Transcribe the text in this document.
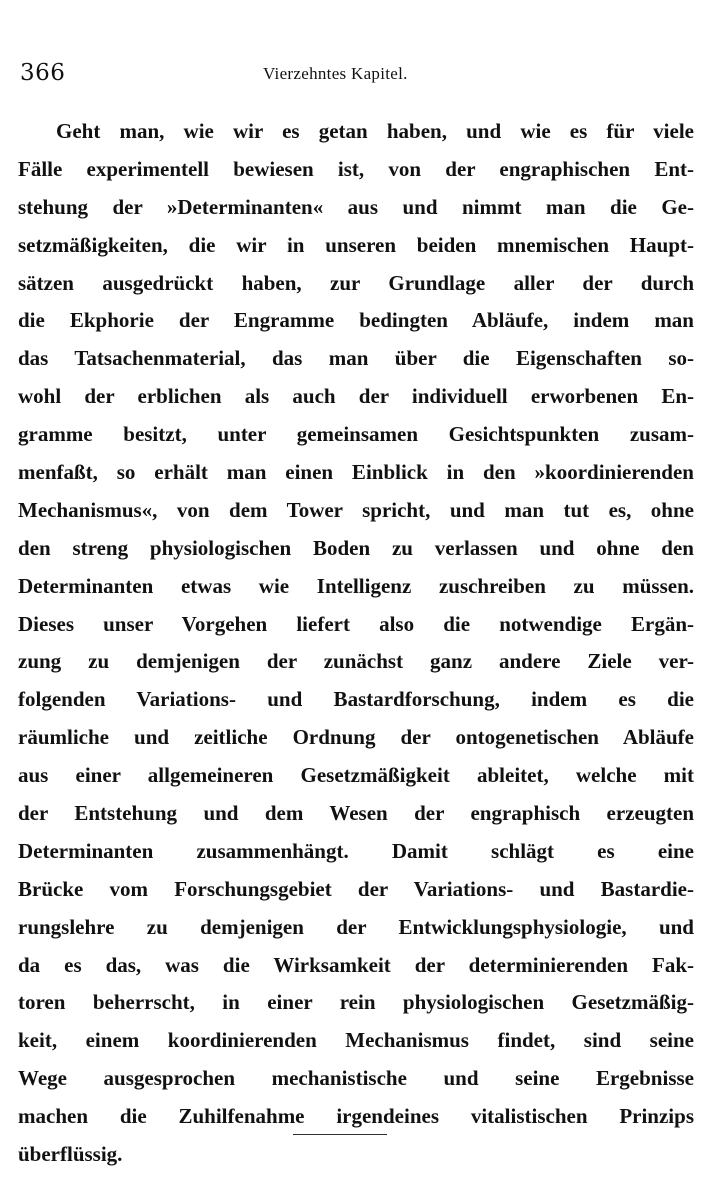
366	Vierzehntes Kapitel.
Geht man, wie wir es getan haben, und wie es für viele
Fälle experimentell bewiesen ist, von der engraphischen Ent-
stehung der »Determinanten« aus und nimmt man die Ge-
setzmäßigkeiten, die wir in unseren beiden mnemischen Haupt-
sätzen ausgedrückt haben, zur Grundlage aller der durch
die Ekphorie der Engramme bedingten Abläufe, indem man
das Tatsachenmaterial, das man über die Eigenschaften so-
wohl der erblichen als auch der individuell erworbenen En-
gramme besitzt, unter gemeinsamen Gesichtspunkten zusam-
menfaßt, so erhält man einen Einblick in den »koordinierenden
Mechanismus«, von dem Tower spricht, und man tut es, ohne
den streng physiologischen Boden zu verlassen und ohne den
Determinanten etwas wie Intelligenz zuschreiben zu müssen.
Dieses unser Vorgehen liefert also die notwendige Ergän-
zung zu demjenigen der zunächst ganz andere Ziele ver-
folgenden Variations- und Bastardforschung, indem es die
räumliche und zeitliche Ordnung der ontogenetischen Abläufe
aus einer allgemeineren Gesetzmäßigkeit ableitet, welche mit
der Entstehung und dem Wesen der engraphisch erzeugten
Determinanten zusammenhängt. Damit schlägt es eine
Brücke vom Forschungsgebiet der Variations- und Bastardie-
rungslehre zu demjenigen der Entwicklungsphysiologie, und
da es das, was die Wirksamkeit der determinierenden Fak-
toren beherrscht, in einer rein physiologischen Gesetzmäßig-
keit, einem koordinierenden Mechanismus findet, sind seine
Wege ausgesprochen mechanistische und seine Ergebnisse
machen die Zuhilfenahme irgendeines vitalistischen Prinzips
überflüssig.
